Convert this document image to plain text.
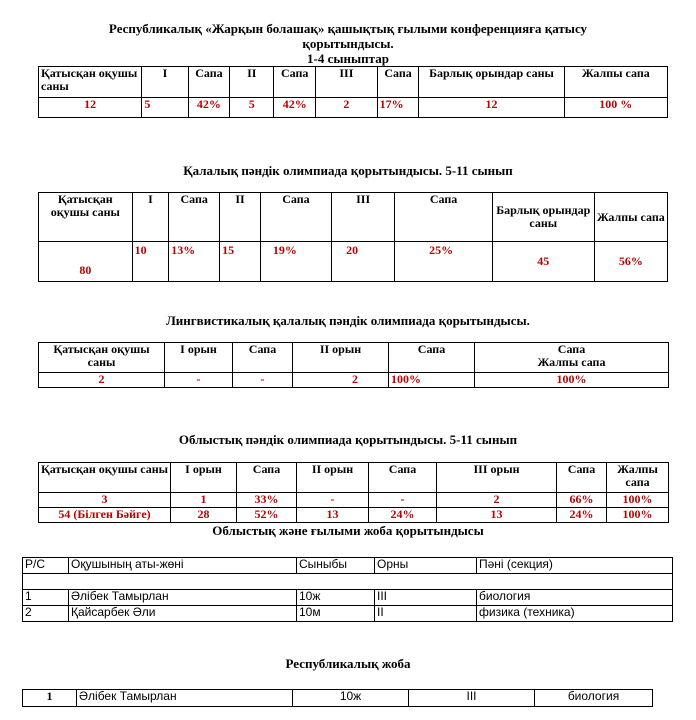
Республикалық «Жарқын болашақ» қашықтық ғылыми конференцияға қатысу
қорытындысы.
1-4 сыныптар
Қатысқан оқушы саны	I	Сапа	II	Сапа	III	Сапа	Барлық орындар саны	Жалпы сапа
12	5	42%	5	42%	2	17%	12	100 %
Қалалық пәндік олимпиада қорытындысы. 5-11 сынып
Қатысқан оқушы саны	I	Сапа	II	Сапа	III	Сапа	Барлық орындар саны	Жалпы сапа
80	10	13%	15	19%	20	25%	45	56%
Лингвистикалық қалалық пәндік олимпиада қорытындысы.
Қатысқан оқушы саны	I орын	Сапа	II орын	Сапа	Сапа
Жалпы сапа
2	-	-	2	100%	100%
Облыстық пәндік олимпиада қорытындысы. 5-11 сынып
Қатысқан оқушы саны	I орын	Сапа	II орын	Сапа	III орын	Сапа	Жалпы сапа
3	1	33%	-	-	2	66%	100%
54 (Білген Бәйге)	28	52%	13	24%	13	24%	100%
Облыстық және ғылыми жоба қорытындысы
Р/С	Оқушының аты-жөні	Сыныбы	Орны	Пәні (секция)

1	Әлібек Тамырлан	10ж	III	биология
2	Қайсарбек Әли	10м	II	физика (техника)
Республикалық жоба
1	Әлібек Тамырлан	10ж	III	биология
